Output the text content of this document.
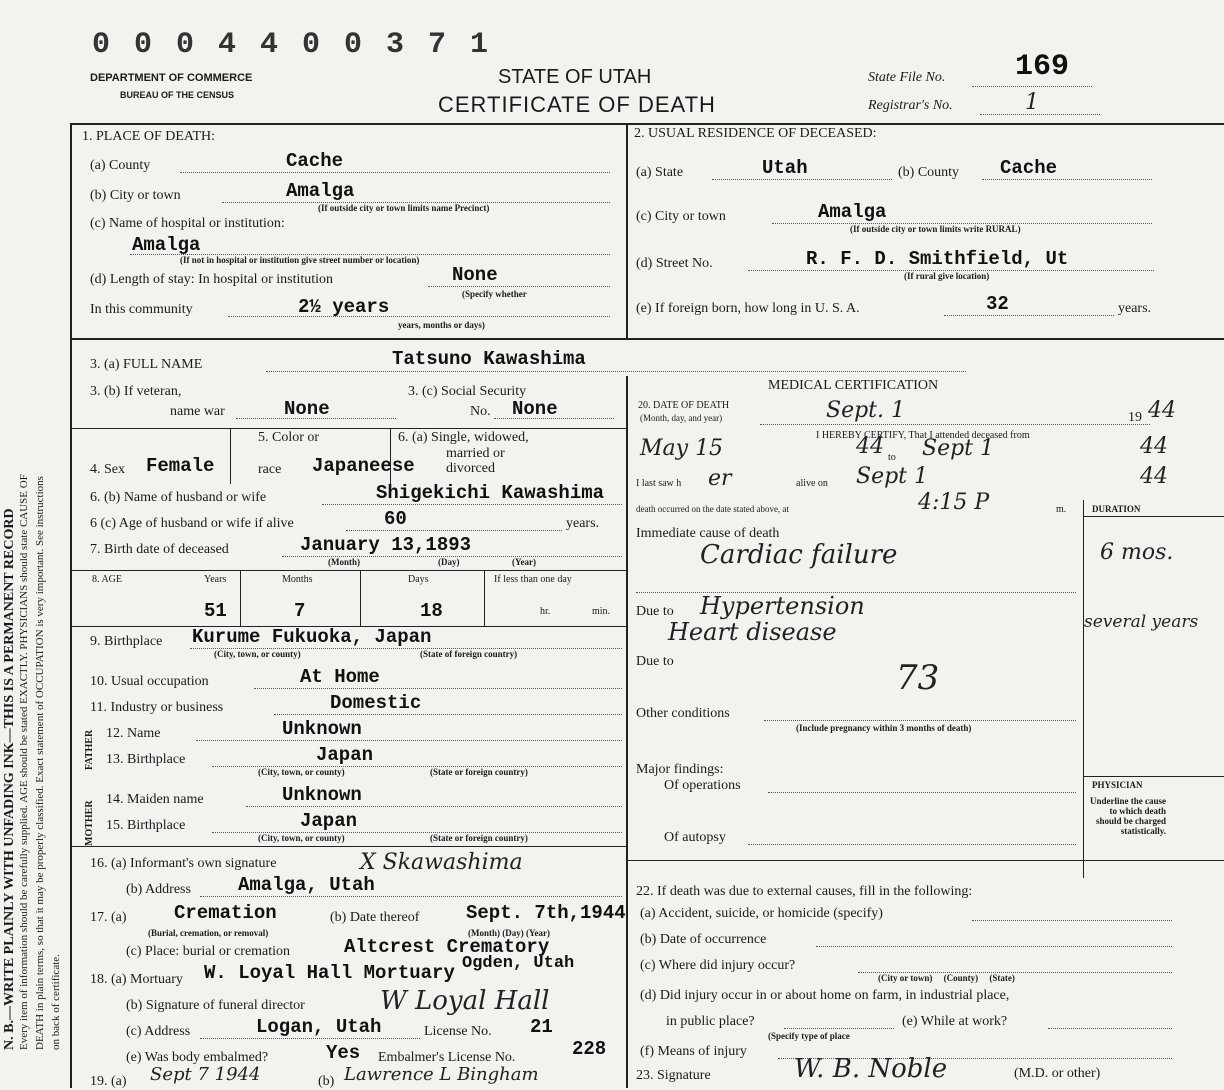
0 0 0 4 4 0 0 3 7 1
DEPARTMENT OF COMMERCE
BUREAU OF THE CENSUS
STATE OF UTAH
CERTIFICATE OF DEATH
State File No. 169
Registrar's No.	1
N. B.—WRITE PLAINLY WITH UNFADING INK—THIS IS A PERMANENT RECORD Every item of information should be carefully supplied. AGE should be stated EXACTLY. PHYSICIANS should state CAUSE OF DEATH in plain terms, so that it may be properly classified. Exact statement of OCCUPATION is very important. See instructions on back of certificate.
1. PLACE OF DEATH:
(a) County	Cache
(b) City or town	Amalga
(If outside city or town limits name Precinct)
(c) Name of hospital or institution:
Amalga
(If not in hospital or institution give street number or location)
(d) Length of stay: In hospital or institution	None
(Specify whether
In this community	2½ years
years, months or days)
2. USUAL RESIDENCE OF DECEASED:
(a) State	Utah	(b) County Cache
(c) City or town	Amalga
(If outside city or town limits write RURAL)
(d) Street No.	R. F. D. Smithfield, Ut
(If rural give location)
(e) If foreign born, how long in U. S. A.	32	years.
3. (a) FULL NAME	Tatsuno Kawashima
MEDICAL CERTIFICATION
3. (b) If veteran,
name war	None
3. (c) Social Security
No. None	20. DATE OF DEATH
(Month, day, and year)	Sept. 1	19 44
I HEREBY CERTIFY, That I attended deceased from
May 15	44 to Sept 1	44
I last saw h er	alive on Sept 1	44
death occurred on the date stated above, at	4:15 P	m.	DURATION
Immediate cause of death
Cardiac failure	6 mos.
Due to Hypertension
Heart disease	several years
Due to	73
Other conditions
(Include pregnancy within 3 months of death)
Major findings:
Of operations
Of autopsy
PHYSICIAN
Underline the cause to which death should be charged statistically.
22. If death was due to external causes, fill in the following:
(a) Accident, suicide, or homicide (specify)
(b) Date of occurrence
(c) Where did injury occur?
(City or town)     (County)     (State)
(d) Did injury occur in or about home on farm, in industrial place,
in public place?	(e) While at work?
(Specify type of place
(f) Means of injury
23. Signature	W. B. Noble	(M.D. or other)
5. Color or	6. (a) Single, widowed,
married or
divorced
4. Sex Female	race Japaneese
6. (b) Name of husband or wife	Shigekichi Kawashima
6 (c) Age of husband or wife if alive	60	years.
7. Birth date of deceased	January 13,1893
(Month)	(Day)	(Year)
8. AGE	Years	Months	Days	If less than one day
51	7	18	hr.	min.
9. Birthplace Kurume Fukuoka, Japan
(City, town, or county)	(State of foreign country)
10. Usual occupation	At Home
11. Industry or business	Domestic
FATHER 12. Name	Unknown
13. Birthplace	Japan
(City, town, or county)	(State or foreign country)
MOTHER
14. Maiden name	Unknown
15. Birthplace	Japan
(City, town, or county)	(State or foreign country)
16. (a) Informant's own signature	X Skawashima
(b) Address Amalga, Utah
17. (a) Cremation	(b) Date thereof Sept. 7th,1944
(Burial, cremation, or removal)	(Month) (Day) (Year)
(c) Place: burial or cremation	Altcrest Crematory
Ogden, Utah
18. (a) Mortuary W. Loyal Hall Mortuary
(b) Signature of funeral director	W Loyal Hall
(c) Address	Logan, Utah	License No. 21
(e) Was body embalmed?	Yes Embalmer's License No.	228
19. (a) Sept 7 1944	(b) Lawrence L Bingham
